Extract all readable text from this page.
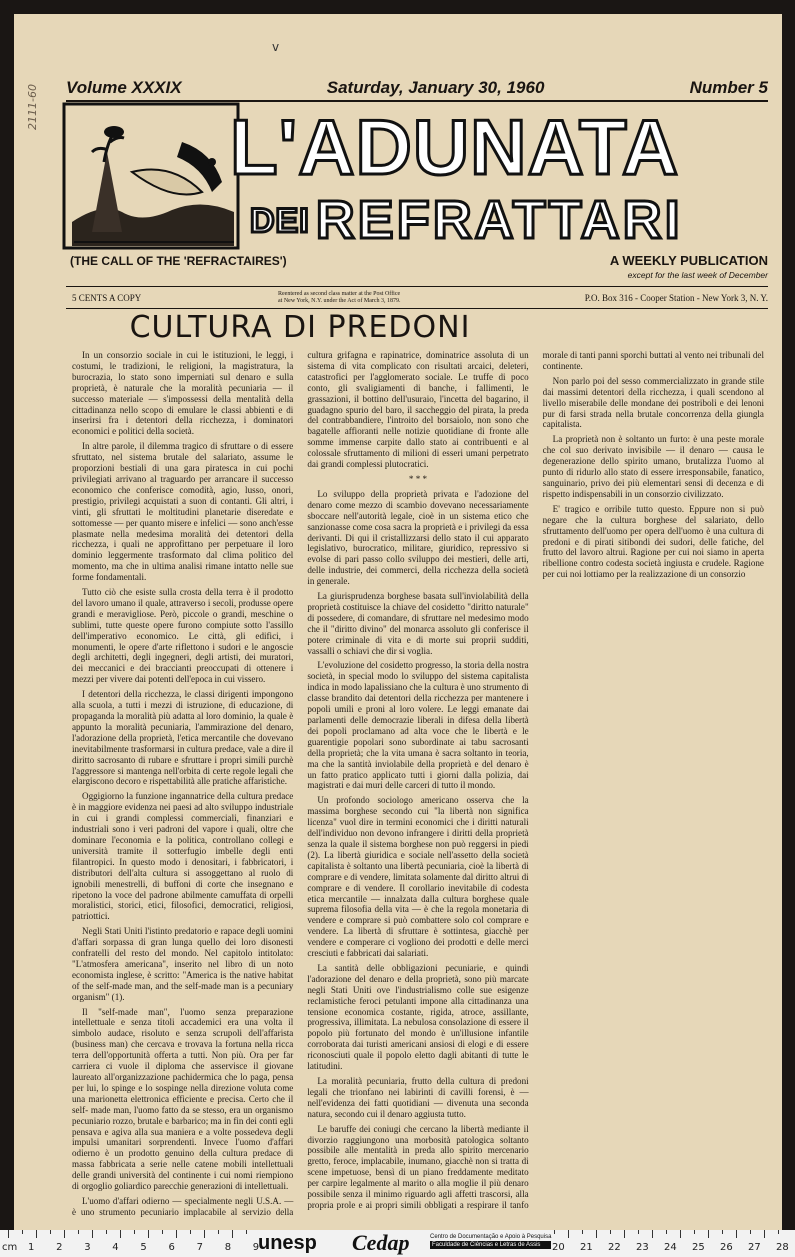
2111-60
v
Volume XXXIX	Saturday, January 30, 1960	Number 5
L'ADUNATA
DEI REFRATTARI
(THE CALL OF THE 'REFRACTAIRES')	A WEEKLY PUBLICATION
except for the last week of December
5 CENTS A COPY	Reentered as second class matter at the Post Office
at New York, N.Y. under the Act of March 3, 1879.	P.O. Box 316 - Cooper Station - New York 3, N. Y.
CULTURA DI PREDONI

In un consorzio sociale in cui le istituzioni, le leggi, i costumi, le tradizioni, le religioni, la magistratura, la burocrazia, lo stato sono imperniati sul denaro e sulla proprietà, è naturale che la moralità pecuniaria — il successo materiale — s'impossessi della mentalità della cittadinanza nello scopo di emulare le classi abbienti e di inserirsi fra i detentori della ricchezza, i dominatori economici e politici della società.

In altre parole, il dilemma tragico di sfruttare o di essere sfruttato, nel sistema brutale del salariato, assume le proporzioni bestiali di una gara piratesca in cui pochi privilegiati arrivano al traguardo per arrancare il successo economico che conferisce comodità, agio, lusso, onori, prestigio, privilegi acquistati a suon di contanti. Gli altri, i vinti, gli sfruttati le moltitudini planetarie diseredate e sottomesse — per quanto misere e infelici — sono anch'esse plasmate nella medesima moralità dei detentori della ricchezza, i quali ne approfittano per perpetuare il loro dominio leggermente trasformato dal clima politico del momento, ma che in ultima analisi rimane intatto nelle sue forme fondamentali.

Tutto ciò che esiste sulla crosta della terra è il prodotto del lavoro umano il quale, attraverso i secoli, produsse opere grandi e meravigliose. Però, piccole o grandi, meschine o sublimi, tutte queste opere furono compiute sotto l'assillo dell'imperativo economico. Le città, gli edifici, i monumenti, le opere d'arte riflettono i sudori e le angoscie degli architetti, degli ingegneri, degli artisti, dei muratori, dei meccanici e dei braccianti preoccupati di ottenere i mezzi per vivere dai potenti dell'epoca in cui vissero.

I detentori della ricchezza, le classi dirigenti impongono alla scuola, a tutti i mezzi di istruzione, di educazione, di propaganda la moralità più adatta al loro dominio, la quale è appunto la moralità pecuniaria, l'ammirazione del denaro, l'adorazione della proprietà, l'etica mercantile che dovevano inevitabilmente trasformarsi in cultura predace, vale a dire il diritto sacrosanto di rubare e sfruttare i propri simili purchè l'aggressore si mantenga nell'orbita di certe regole legali che elargiscono decoro e rispettabilità alle pratiche affaristiche.

Oggigiorno la funzione ingannatrice della cultura predace è in maggiore evidenza nei paesi ad alto sviluppo industriale in cui i grandi complessi commerciali, finanziari e industriali sono i veri padroni del vapore i quali, oltre che dominare l'economia e la politica, controllano collegi e università tramite il sotterfugio imbelle degli enti filantropici. In questo modo i denositari, i fabbricatori, i distributori dell'alta cultura si assoggettano al ruolo di ignobili menestrelli, di buffoni di corte che insegnano e ripetono la voce del padrone abilmente camuffata di orpelli moralistici, storici, etici, filosofici, democratici, religiosi, patriottici.

Negli Stati Uniti l'istinto predatorio e rapace degli uomini d'affari sorpassa di gran lunga quello dei loro disonesti confratelli del resto del mondo. Nel capitolo intitolato: "L'atmosfera americana", inserito nel libro di un noto economista inglese, è scritto: "America is the native habitat of the self-made man, and the self-made man is a pecuniary organism" (1).

Il "self-made man", l'uomo senza preparazione intellettuale e senza titoli accademici era una volta il simbolo audace, risoluto e senza scrupoli dell'affarista (business man) che cercava e trovava la fortuna nella ricca terra dell'opportunità offerta a tutti. Non più. Ora per far carriera ci vuole il diploma che asservisce il giovane laureato all'organizzazione pachidermica che lo paga, pensa per lui, lo spinge e lo sospinge nella direzione voluta come una marionetta elettronica efficiente e precisa. Certo che il self- made man, l'uomo fatto da se stesso, era un organismo pecuniario rozzo, brutale e barbarico; ma in fin dei conti egli pensava e agiva alla sua maniera e a volte possedeva degli impulsi umanitari sorprendenti. Invece l'uomo d'affari odierno è un prodotto genuino della cultura predace di massa fabbricata a serie nelle catene mobili intellettuali delle grandi università del continente i cui nomi riempiono di orgoglio goliardico parecchie generazioni di intellettuali.

L'uomo d'affari odierno — specialmente negli U.S.A. — è uno strumento pecuniario implacabile al servizio della cultura grifagna e rapinatrice, dominatrice assoluta di un sistema di vita complicato con risultati arcaici, deleteri, catastrofici per l'agglomerato sociale. Le truffe di poco conto, gli svaligiamenti di banche, i fallimenti, le grassazioni, il bottino dell'usuraio, l'incetta del bagarino, il guadagno spurio del baro, il saccheggio del pirata, la preda del contrabbandiere, l'introito del borsaiolo, non sono che bagatelle affioranti nelle notizie quotidiane di fronte alle somme immense carpite dallo stato ai contribuenti e al colossale sfruttamento di milioni di esseri umani perpetrato dai grandi complessi plutocratici.

* * *

Lo sviluppo della proprietà privata e l'adozione del denaro come mezzo di scambio dovevano necessariamente sboccare nell'autorità legale, cioè in un sistema etico che sanzionasse come cosa sacra la proprietà e i privilegi da essa derivanti. Di qui il cristallizzarsi dello stato il cui apparato legislativo, burocratico, militare, giuridico, repressivo si evolse di pari passo collo sviluppo dei mestieri, delle arti, delle industrie, dei commerci, della ricchezza della società in generale.

La giurisprudenza borghese basata sull'inviolabilità della proprietà costituisce la chiave del cosidetto "diritto naturale" di possedere, di comandare, di sfruttare nel medesimo modo che il "diritto divino" del monarca assoluto gli conferisce il potere criminale di vita e di morte sui proprii sudditi, vassalli o schiavi che dir si voglia.

L'evoluzione del cosidetto progresso, la storia della nostra società, in special modo lo sviluppo del sistema capitalista indica in modo lapalissiano che la cultura è uno strumento di classe brandito dai detentori della ricchezza per mantenere i popoli umili e proni al loro volere. Le leggi emanate dai parlamenti delle democrazie liberali in difesa della libertà dei popoli proclamano ad alta voce che le libertà e le guarentigie popolari sono subordinate ai tabu sacrosanti della proprietà; che la vita umana è sacra soltanto in teoria, ma che la santità inviolabile della proprietà e del denaro è un fatto pratico applicato tutti i giorni dalla polizia, dai magistrati e dai muri delle carceri di tutto il mondo.

Un profondo sociologo americano osserva che la massima borghese secondo cui "la libertà non significa licenza" vuol dire in termini economici che i diritti naturali dell'individuo non devono infrangere i diritti della proprietà senza la quale il sistema borghese non può reggersi in piedi (2). La libertà giuridica e sociale nell'assetto della società capitalista è soltanto una libertà pecuniaria, cioè la libertà di comprare e di vendere, limitata solamente dal diritto altrui di comprare e di vendere. Il corollario inevitabile di codesta etica mercantile — innalzata dalla cultura borghese quale suprema filosofia della vita — è che la regola monetaria di vendere e comprare si può combattere solo col comprare e vendere. La libertà di sfruttare è sottintesa, giacchè per vendere e comperare ci vogliono dei prodotti e delle merci cresciuti e fabbricati dai salariati.

La santità delle obbligazioni pecuniarie, e quindi l'adorazione del denaro e della proprietà, sono più marcate negli Stati Uniti ove l'industrialismo colle sue esigenze reclamistiche feroci petulanti impone alla cittadinanza una tensione economica costante, rigida, atroce, assillante, progressiva, illimitata. La nebulosa consolazione di essere il popolo più fortunato del mondo è un'illusione infantile corroborata dai turisti americani ansiosi di elogi e di essere riconosciuti quale il popolo eletto dagli abitanti di tutte le latitudini.

La moralità pecuniaria, frutto della cultura di predoni legali che trionfano nei labirinti di cavilli forensi, è — nell'evidenza dei fatti quotidiani — divenuta una seconda natura, secondo cui il denaro aggiusta tutto.

Le baruffe dei coniugi che cercano la libertà mediante il divorzio raggiungono una morbosità patologica soltanto possibile alle mentalità in preda allo spirito mercenario gretto, feroce, implacabile, inumano, giacchè non si tratta di scene impetuose, bensì di un piano freddamente meditato per carpire legalmente al marito o alla moglie il più denaro possibile senza il minimo riguardo agli affetti trascorsi, alla propria prole e ai propri simili obbligati a respirare il tanfo morale di tanti panni sporchi buttati al vento nei tribunali del continente.

Non parlo poi del sesso commercializzato in grande stile dai massimi detentori della ricchezza, i quali scendono al livello miserabile delle mondane dei postriboli e dei lenoni pur di farsi strada nella brutale concorrenza della giungla capitalista.

La proprietà non è soltanto un furto: è una peste morale che col suo derivato invisibile — il denaro — causa le degenerazione dello spirito umano, brutalizza l'uomo al punto di ridurlo allo stato di essere irresponsabile, fanatico, sanguinario, privo dei più elementari sensi di decenza e di rispetto indispensabili in un consorzio civilizzato.

E' tragico e orribile tutto questo. Eppure non si può negare che la cultura borghese del salariato, dello sfruttamento dell'uomo per opera dell'uomo è una cultura di predoni e di pirati sitibondi dei sudori, delle fatiche, del frutto del lavoro altrui. Ragione per cui noi siamo in aperta ribellione contro codesta società ingiusta e crudele. Ragione per cui noi lottiamo per la realizzazione di un consorzio

cm	unesp Cedap	Centro de Documentação e Apoio à Pesquisa
Faculdade de Ciências e Letras de Assis
1 2 3 4 5 6 7 8 9	20 21 22 23 24 25 26 27 28
